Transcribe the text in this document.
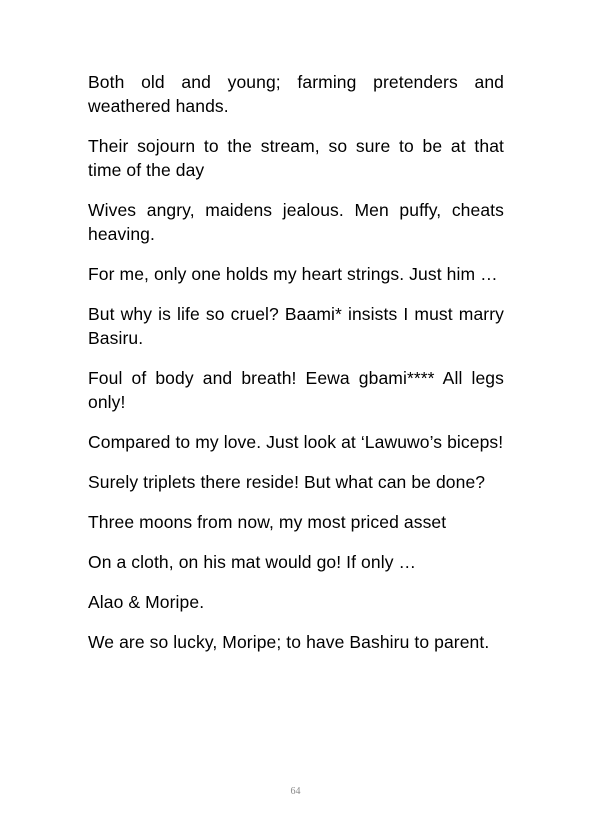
Both old and young; farming pretenders and weathered hands.

Their sojourn to the stream, so sure to be at that time of the day

Wives angry, maidens jealous. Men puffy, cheats heaving.

For me, only one holds my heart strings. Just him …

But why is life so cruel? Baami* insists I must marry Basiru.

Foul of body and breath! Eewa gbami**** All legs only!

Compared to my love. Just look at ‘Lawuwo’s biceps!

Surely triplets there reside! But what can be done?

Three moons from now, my most priced asset

On a cloth, on his mat would go! If only …

Alao & Moripe.

We are so lucky, Moripe; to have Bashiru to parent.

64
